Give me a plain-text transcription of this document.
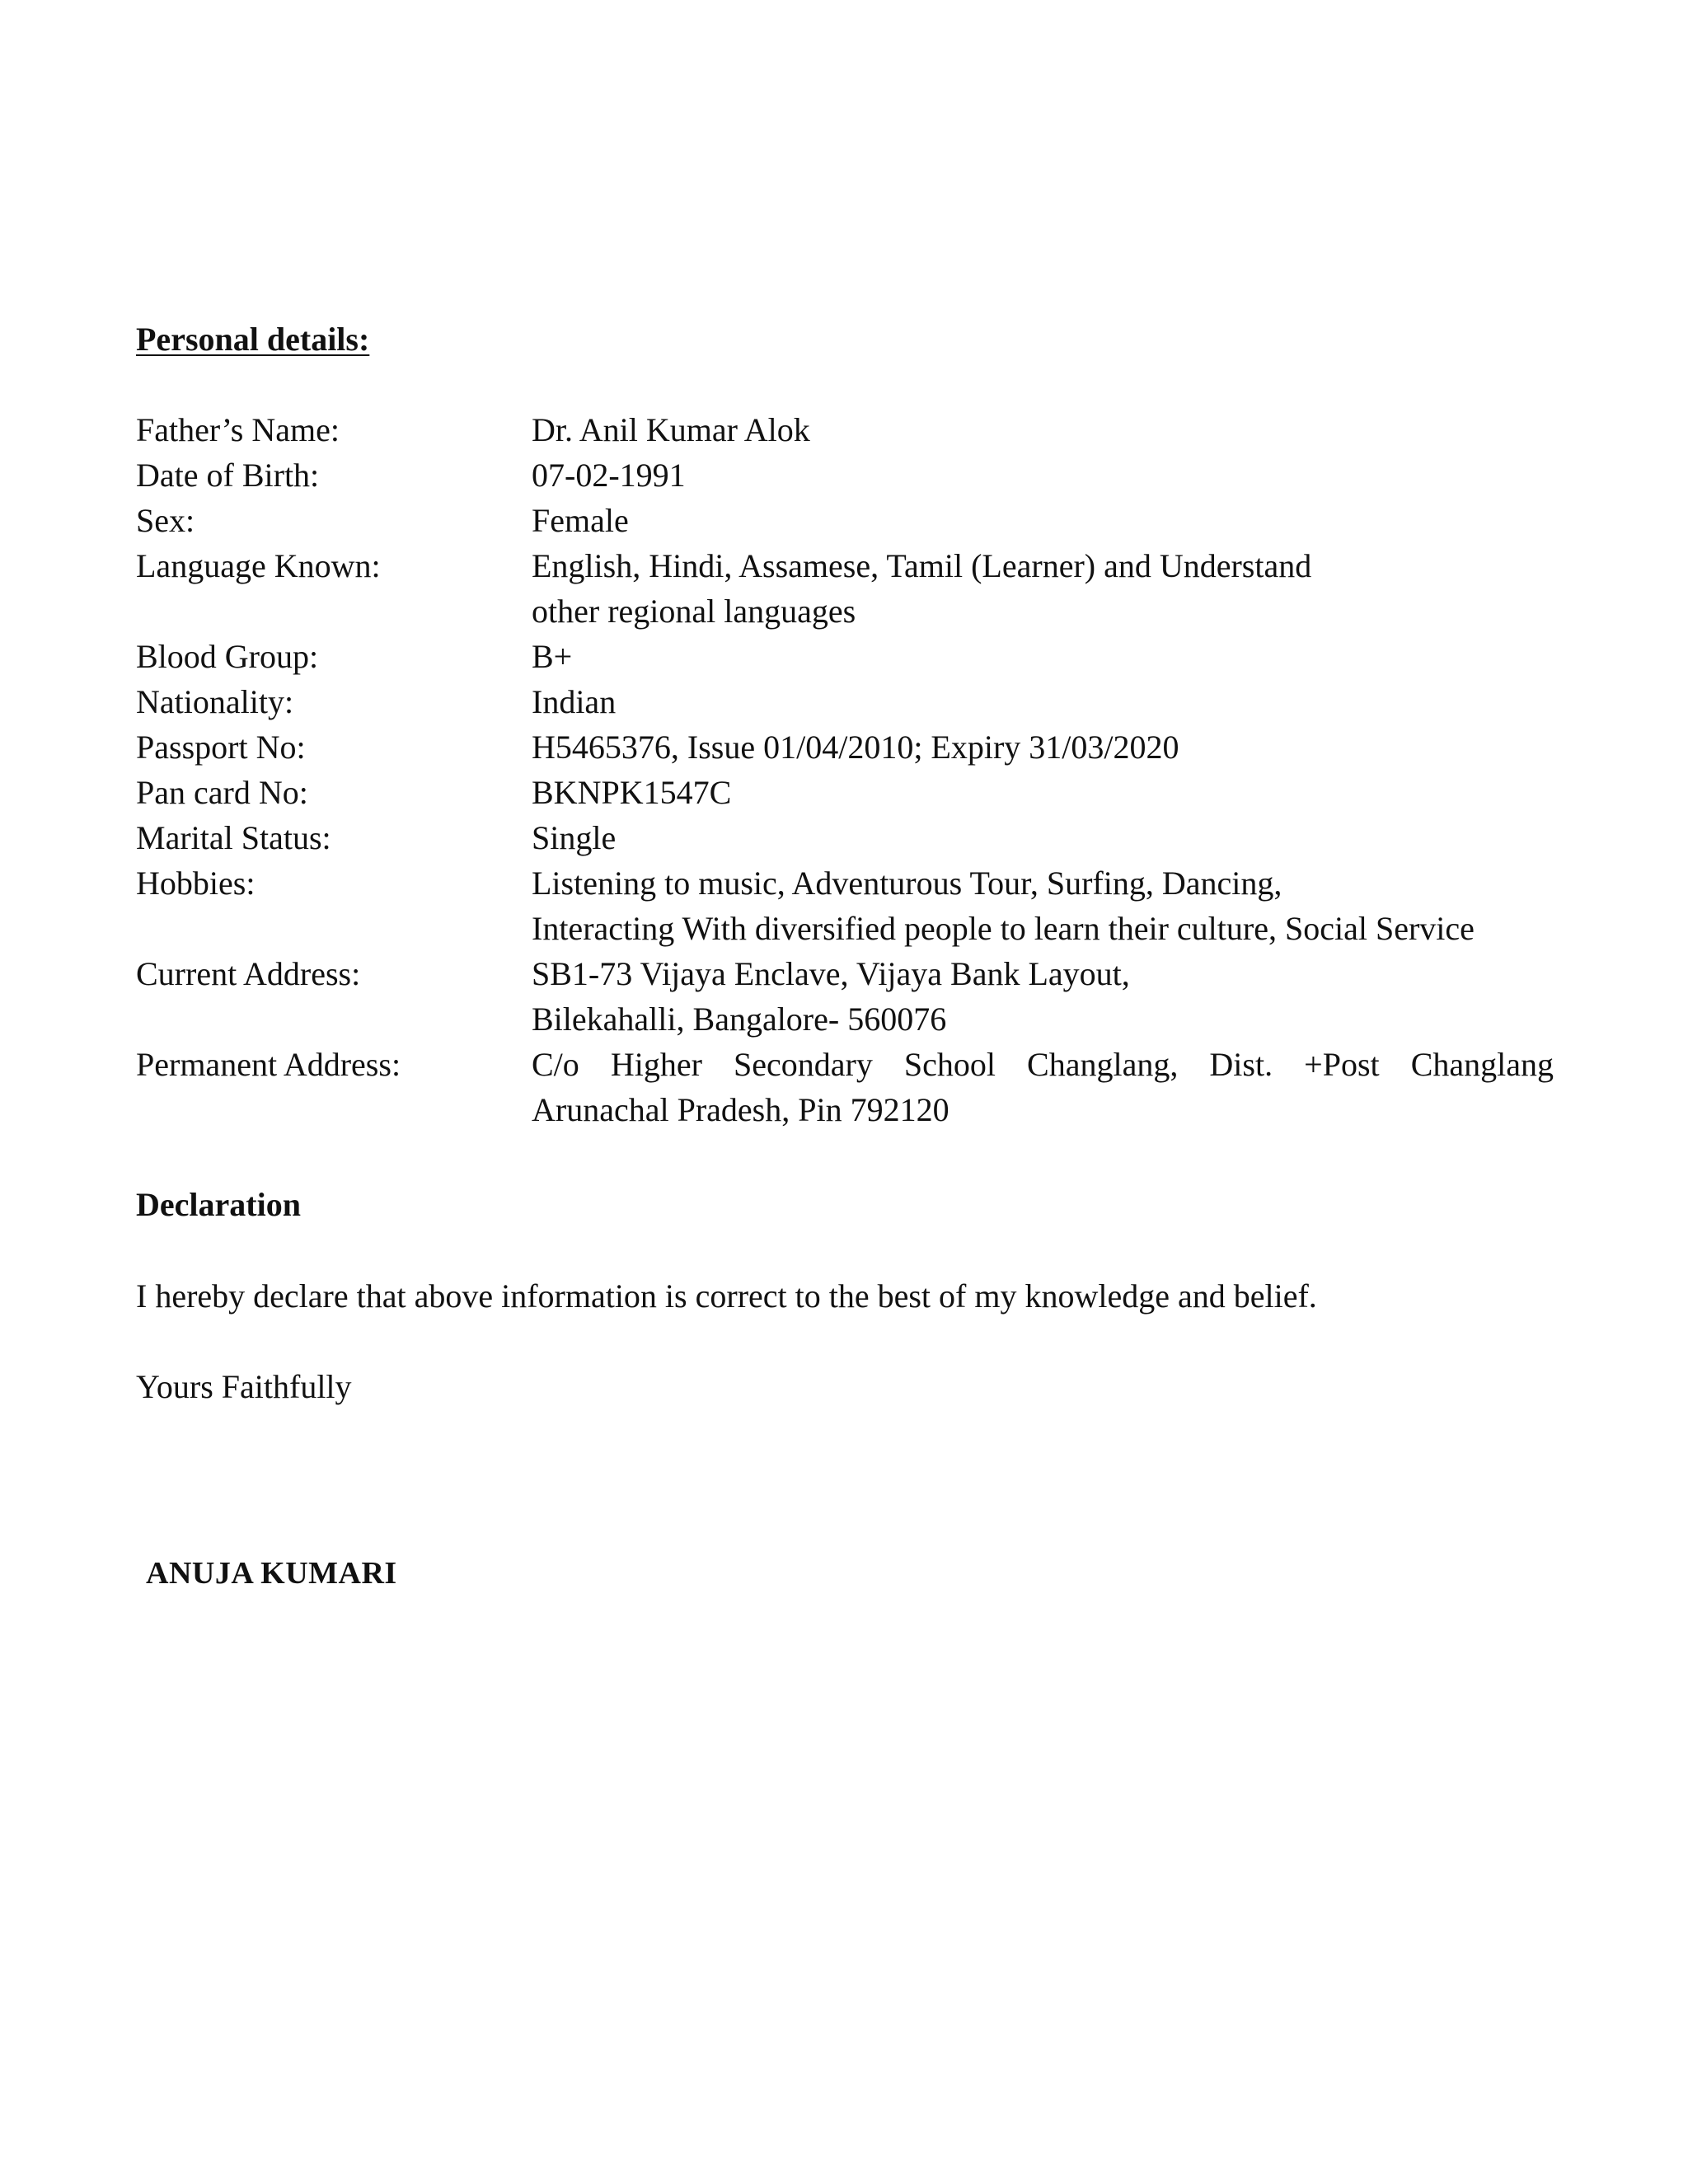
Personal details:
Father’s Name:	Dr. Anil Kumar Alok
Date of Birth:	07-02-1991
Sex:	Female
Language Known:	English, Hindi, Assamese, Tamil (Learner) and Understand
other regional languages
Blood Group:	B+
Nationality:	Indian
Passport No:	H5465376, Issue 01/04/2010; Expiry 31/03/2020
Pan card No:	BKNPK1547C
Marital Status:	Single
Hobbies:	Listening to music, Adventurous Tour, Surfing, Dancing,
Interacting With diversified people to learn their culture, Social Service
Current Address:	SB1-73 Vijaya Enclave, Vijaya Bank Layout,
Bilekahalli, Bangalore- 560076
Permanent Address:	C/o Higher Secondary School Changlang, Dist. +Post Changlang
Arunachal Pradesh, Pin 792120
Declaration

I hereby declare that above information is correct to the best of my knowledge and belief.

Yours Faithfully

ANUJA KUMARI
